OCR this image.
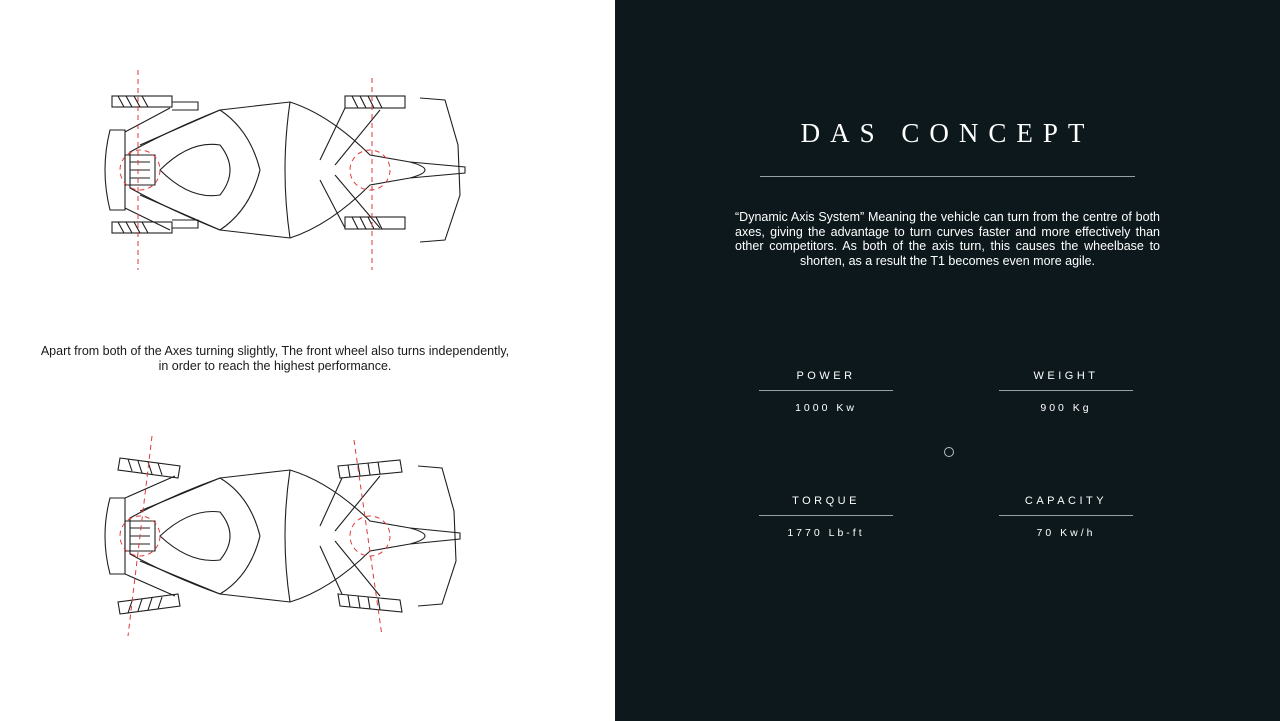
Apart from both of the Axes turning slightly, The front wheel also turns independently, in order to reach the highest performance.
DAS CONCEPT
“Dynamic Axis System” Meaning the vehicle can turn from the centre of both axes, giving the advantage to turn curves faster and more effectively than other competitors. As both of the axis turn, this causes the wheelbase to shorten, as a result the T1 becomes even more agile.
POWER
1000 Kw
WEIGHT
900 Kg
TORQUE
1770 Lb-ft
CAPACITY
70 Kw/h
